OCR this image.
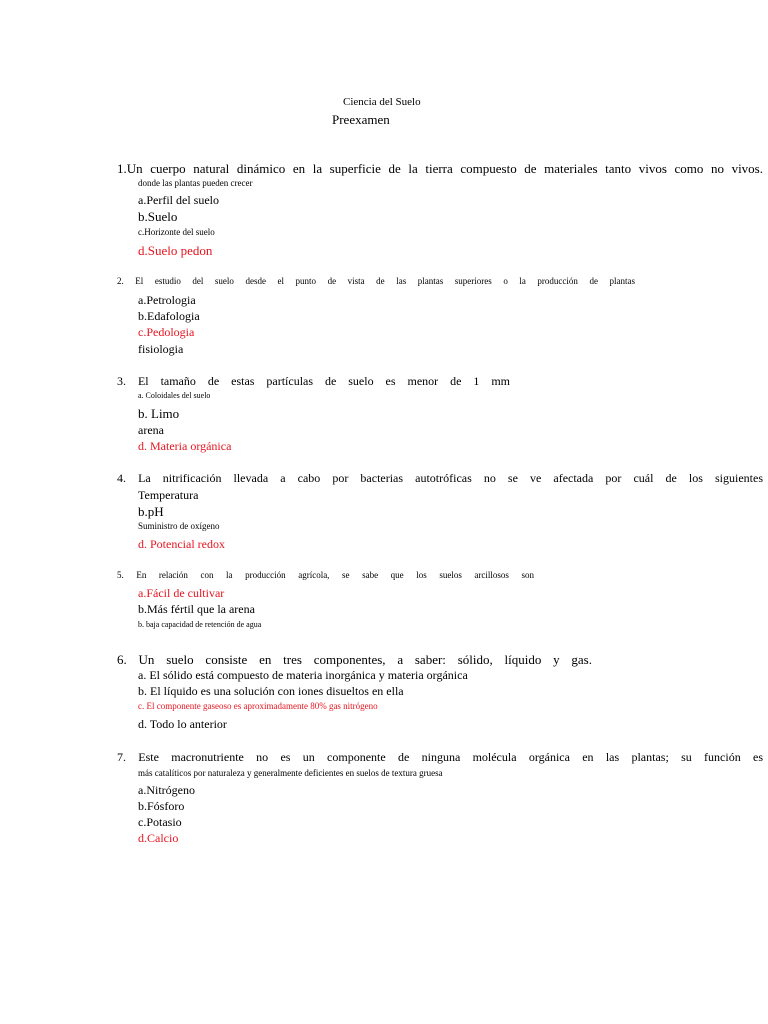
Ciencia del Suelo
Preexamen
1.Un cuerpo natural dinámico en la superficie de la tierra compuesto de materiales tanto vivos como no vivos.
donde las plantas pueden crecer
a.Perfil del suelo
b.Suelo
c.Horizonte del suelo
d.Suelo pedon
2. El estudio del suelo desde el punto de vista de las plantas superiores o la producción de plantas
a.Petrologia
b.Edafologia
c.Pedologia
fisiologia
3. El tamaño de estas partículas de suelo es menor de 1 mm
a. Coloidales del suelo
b. Limo
arena
d. Materia orgánica
4. La nitrificación llevada a cabo por bacterias autotróficas no se ve afectada por cuál de los siguientes
Temperatura
b.pH
Suministro de oxígeno
d. Potencial redox
5. En relación con la producción agrícola, se sabe que los suelos arcillosos son
a.Fácil de cultivar
b.Más fértil que la arena
b. baja capacidad de retención de agua
6. Un suelo consiste en tres componentes, a saber: sólido, líquido y gas.
a. El sólido está compuesto de materia inorgánica y materia orgánica
b. El líquido es una solución con iones disueltos en ella
c. El componente gaseoso es aproximadamente 80% gas nitrógeno
d. Todo lo anterior
7. Este macronutriente no es un componente de ninguna molécula orgánica en las plantas; su función es
más catalíticos por naturaleza y generalmente deficientes en suelos de textura gruesa
a.Nitrógeno
b.Fósforo
c.Potasio
d.Calcio
